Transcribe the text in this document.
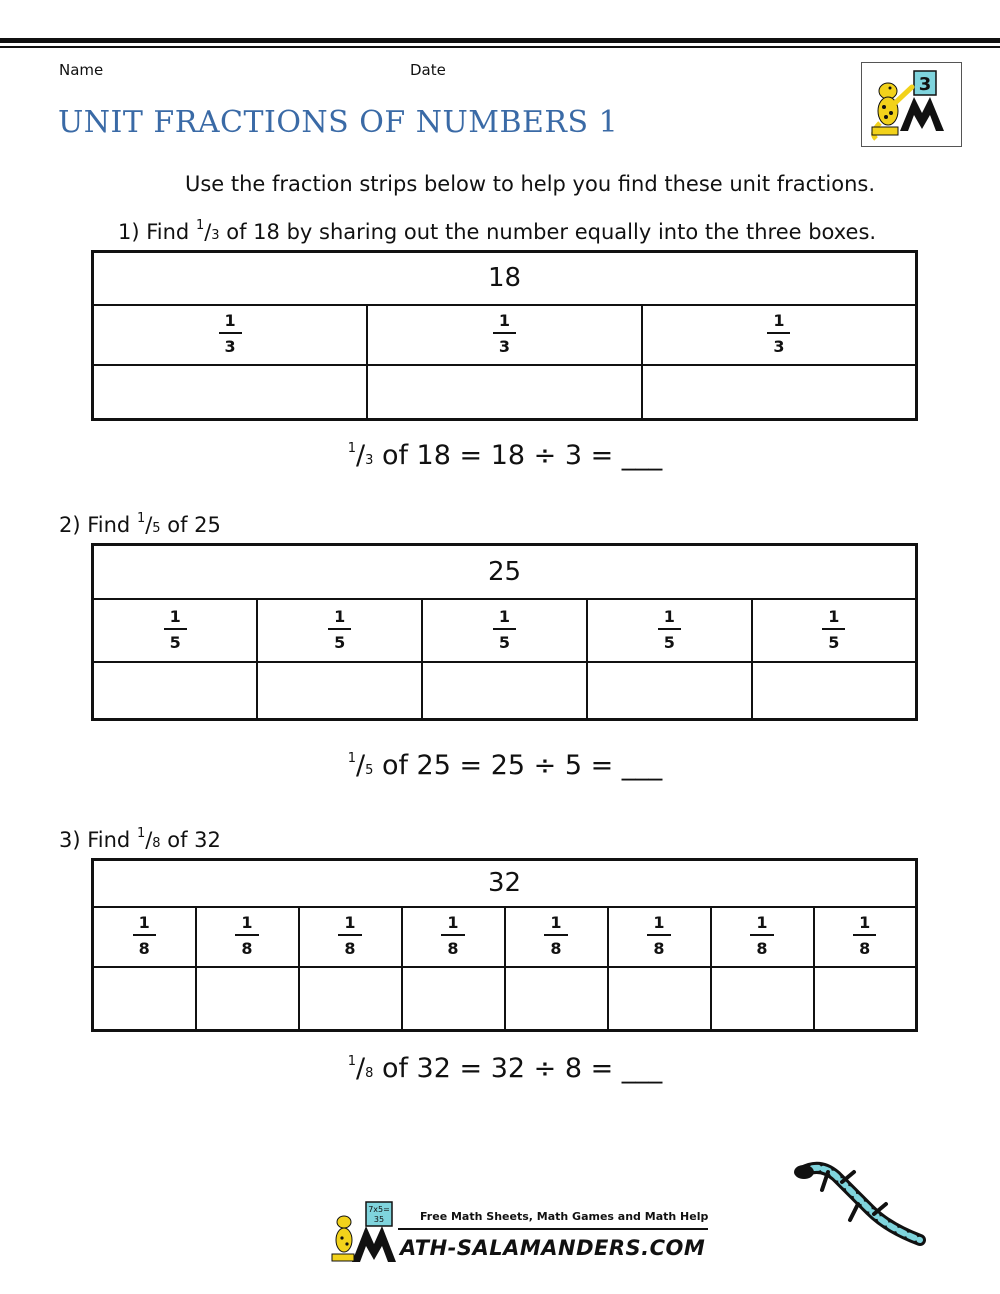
Name	Date
UNIT FRACTIONS OF NUMBERS 1
3
Use the fraction strips below to help you find these unit fractions.
1) Find $^1$/3 of 18 by sharing out the number equally into the three boxes.
18		

$\frac{1}{3}$	$\frac{1}{3}$	$\frac{1}{3}$

$^1$/3 of 18 = 18 ÷ 3 = ___
2) Find $^1$/5 of 25
25				

$\frac{1}{5}$	$\frac{1}{5}$	$\frac{1}{5}$	$\frac{1}{5}$	$\frac{1}{5}$

$^1$/5 of 25 = 25 ÷ 5 = ___
3) Find $^1$/8 of 32
32							

$\frac{1}{8}$	$\frac{1}{8}$	$\frac{1}{8}$	$\frac{1}{8}$	$\frac{1}{8}$	$\frac{1}{8}$	$\frac{1}{8}$	$\frac{1}{8}$

$^1$/8 of 32 = 32 ÷ 8 = ___
7x5=
35	Free Math Sheets, Math Games and Math Help
ATH-SALAMANDERS.COM
